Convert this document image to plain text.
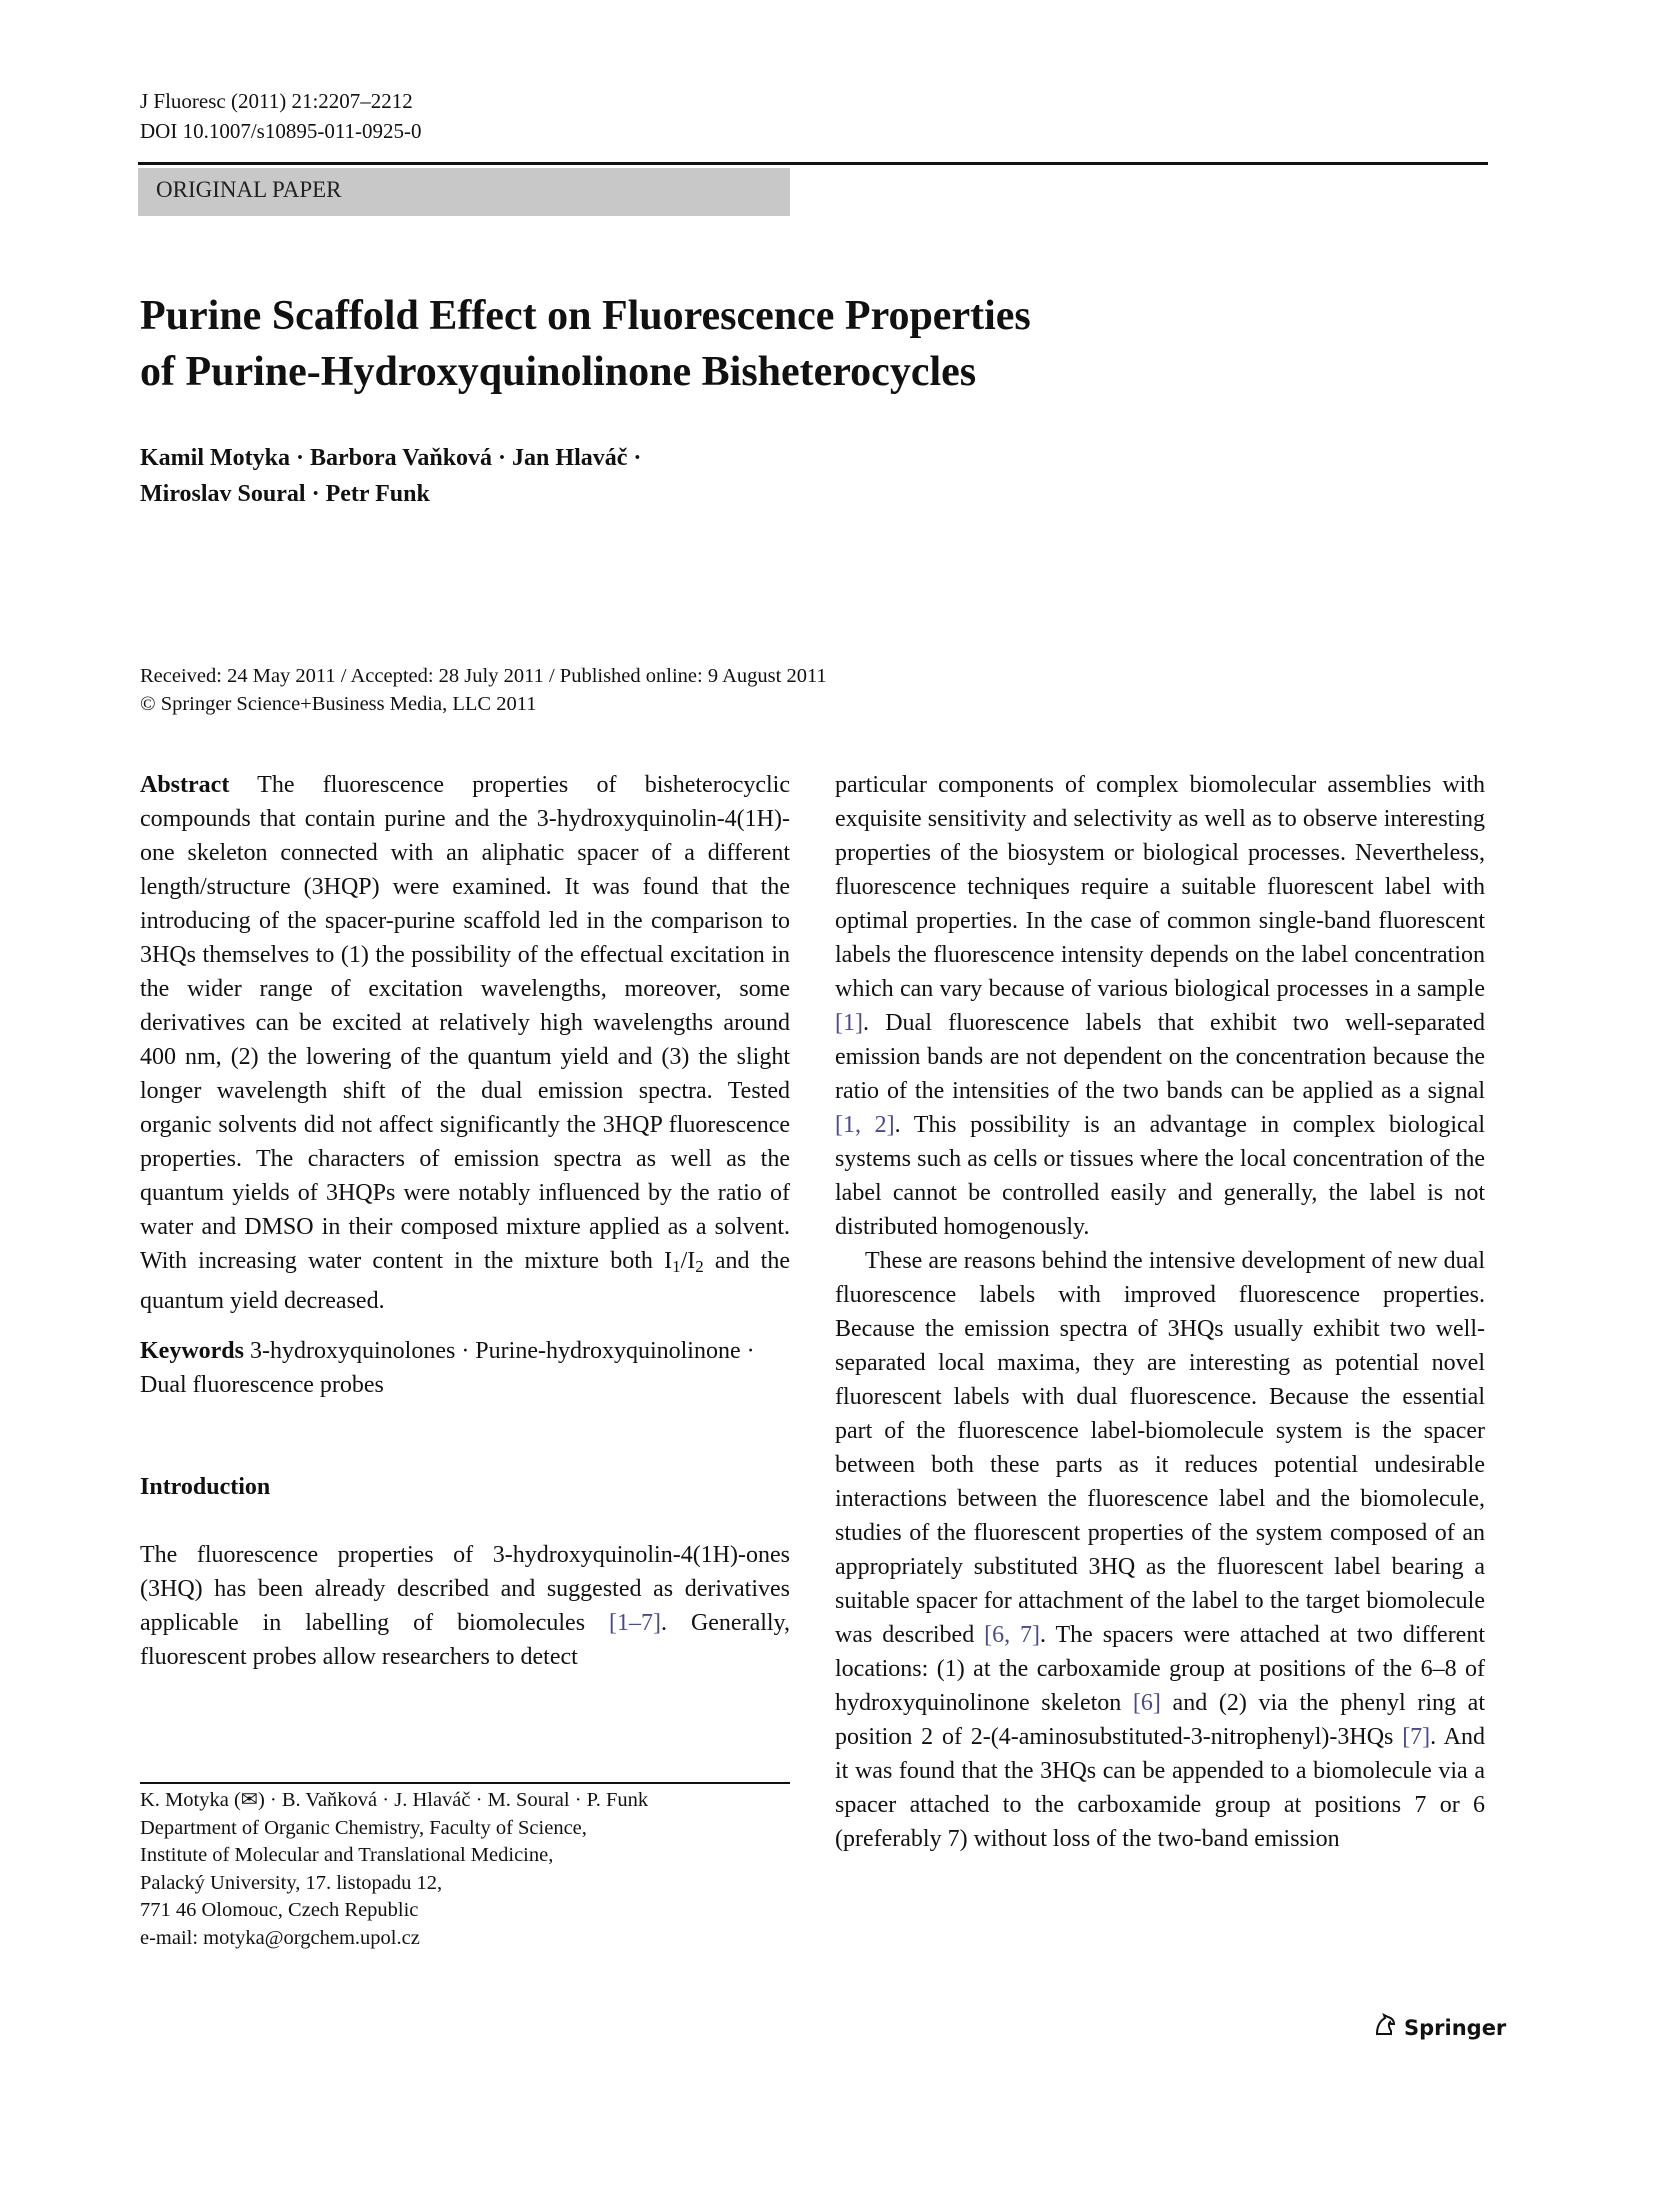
J Fluoresc (2011) 21:2207–2212
DOI 10.1007/s10895-011-0925-0
ORIGINAL PAPER
Purine Scaffold Effect on Fluorescence Properties
of Purine-Hydroxyquinolinone Bisheterocycles
Kamil Motyka · Barbora Vaňková · Jan Hlaváč ·
Miroslav Soural · Petr Funk
Received: 24 May 2011 / Accepted: 28 July 2011 / Published online: 9 August 2011
© Springer Science+Business Media, LLC 2011

Abstract The fluorescence properties of bisheterocyclic compounds that contain purine and the 3-hydroxyquinolin-4(1H)-one skeleton connected with an aliphatic spacer of a different length/structure (3HQP) were examined. It was found that the introducing of the spacer-purine scaffold led in the comparison to 3HQs themselves to (1) the possibility of the effectual excitation in the wider range of excitation wavelengths, moreover, some derivatives can be excited at relatively high wavelengths around 400 nm, (2) the lowering of the quantum yield and (3) the slight longer wavelength shift of the dual emission spectra. Tested organic solvents did not affect significantly the 3HQP fluorescence properties. The characters of emission spectra as well as the quantum yields of 3HQPs were notably influenced by the ratio of water and DMSO in their composed mixture applied as a solvent. With increasing water content in the mixture both $I_1/I_2$ and the quantum yield decreased.

Keywords 3-hydroxyquinolones · Purine-hydroxyquinolinone · Dual fluorescence probes

Introduction

The fluorescence properties of 3-hydroxyquinolin-4(1H)-ones (3HQ) has been already described and suggested as derivatives applicable in labelling of biomolecules [1–7]. Generally, fluorescent probes allow researchers to detect

particular components of complex biomolecular assemblies with exquisite sensitivity and selectivity as well as to observe interesting properties of the biosystem or biological processes. Nevertheless, fluorescence techniques require a suitable fluorescent label with optimal properties. In the case of common single-band fluorescent labels the fluorescence intensity depends on the label concentration which can vary because of various biological processes in a sample [1]. Dual fluorescence labels that exhibit two well-separated emission bands are not dependent on the concentration because the ratio of the intensities of the two bands can be applied as a signal [1, 2]. This possibility is an advantage in complex biological systems such as cells or tissues where the local concentration of the label cannot be controlled easily and generally, the label is not distributed homogenously.

These are reasons behind the intensive development of new dual fluorescence labels with improved fluorescence properties. Because the emission spectra of 3HQs usually exhibit two well-separated local maxima, they are interesting as potential novel fluorescent labels with dual fluorescence. Because the essential part of the fluorescence label-biomolecule system is the spacer between both these parts as it reduces potential undesirable interactions between the fluorescence label and the biomolecule, studies of the fluorescent properties of the system composed of an appropriately substituted 3HQ as the fluorescent label bearing a suitable spacer for attachment of the label to the target biomolecule was described [6, 7]. The spacers were attached at two different locations: (1) at the carboxamide group at positions of the 6–8 of hydroxyquinolinone skeleton [6] and (2) via the phenyl ring at position 2 of 2-(4-aminosubstituted-3-nitrophenyl)-3HQs [7]. And it was found that the 3HQs can be appended to a biomolecule via a spacer attached to the carboxamide group at positions 7 or 6 (preferably 7) without loss of the two-band emission

K. Motyka (✉) · B. Vaňková · J. Hlaváč · M. Soural · P. Funk
Department of Organic Chemistry, Faculty of Science,
Institute of Molecular and Translational Medicine,
Palacký University, 17. listopadu 12,
771 46 Olomouc, Czech Republic
e-mail: motyka@orgchem.upol.cz
Springer
